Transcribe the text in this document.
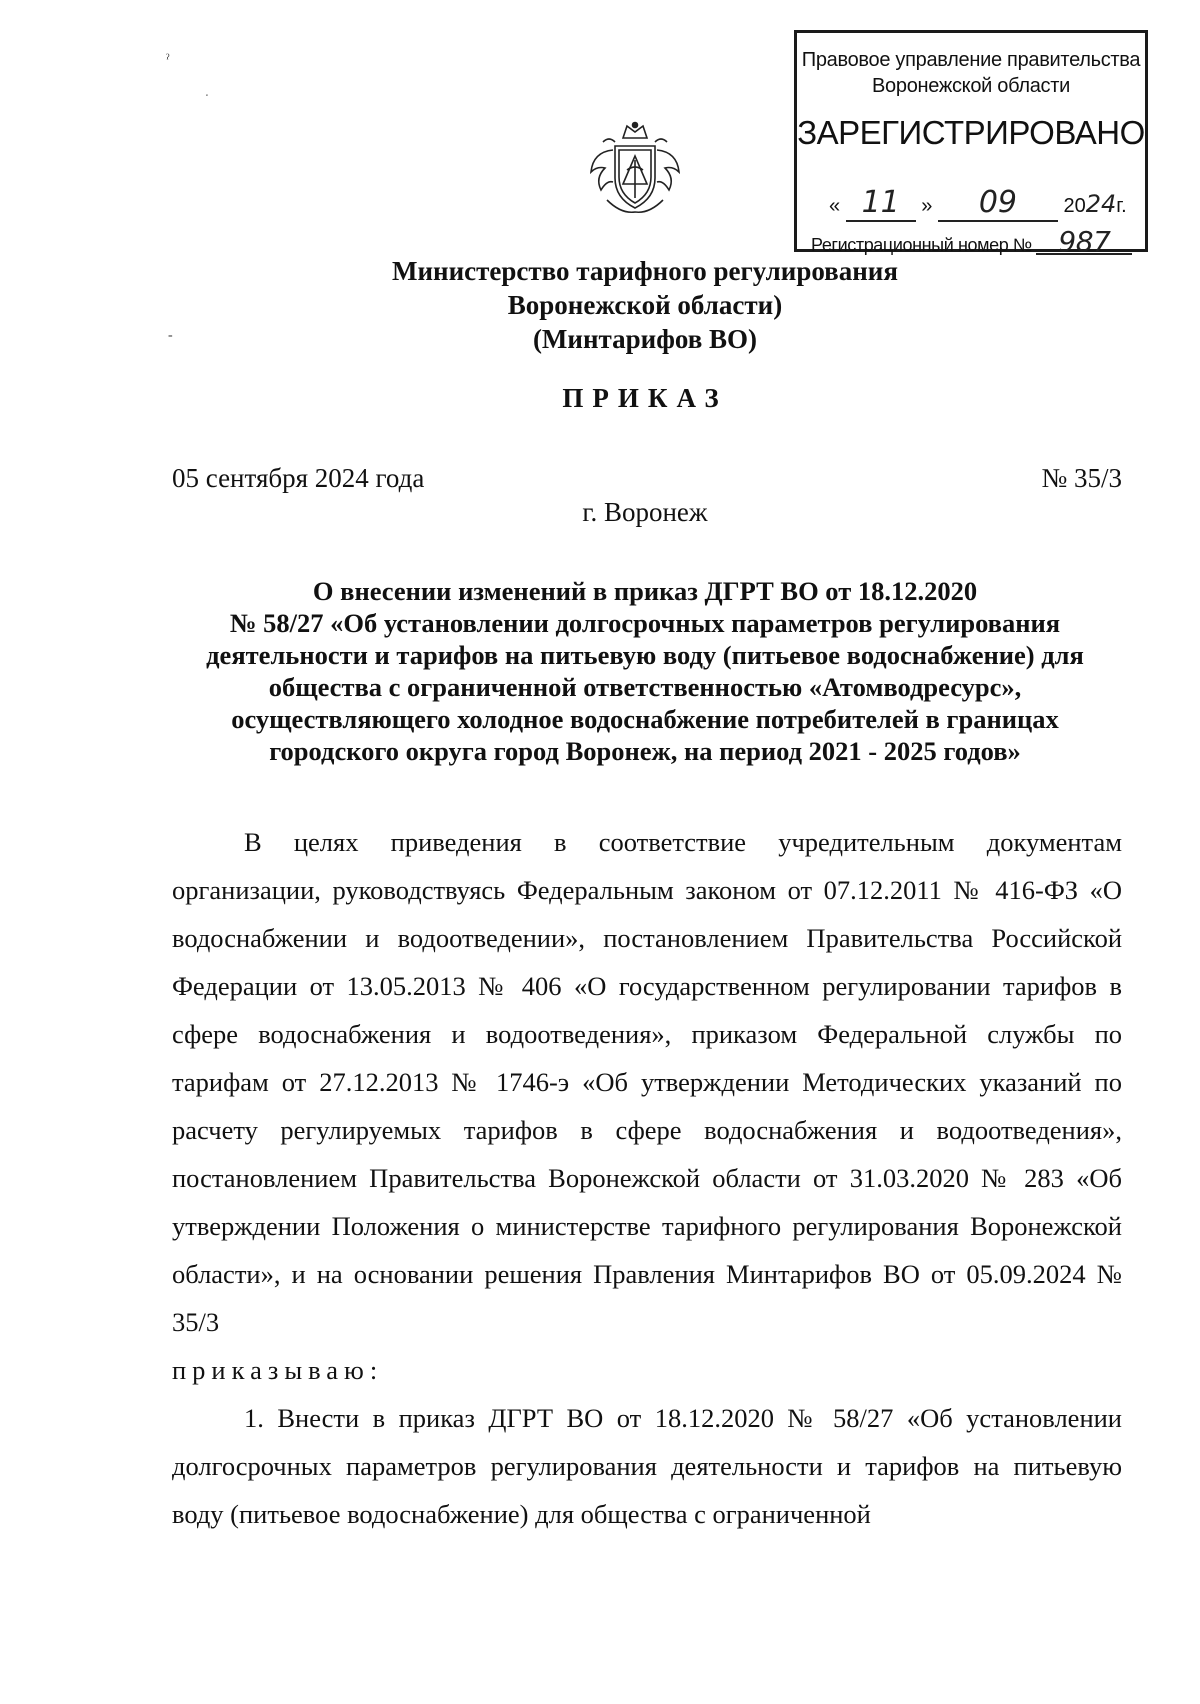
ˀ
ˑ
‐
Правовое управление правительства
Воронежской области
ЗАРЕГИСТРИРОВАНО
« 11 » 09 2024г.
Регистрационный номер № 987
Министерство тарифного регулирования
Воронежской области)
(Минтарифов ВО)
ПРИКАЗ
05 сентября 2024 года	№ 35/3
г. Воронеж
О внесении изменений в приказ ДГРТ ВО от 18.12.2020
№ 58/27 «Об установлении долгосрочных параметров регулирования
деятельности и тарифов на питьевую воду (питьевое водоснабжение) для
общества с ограниченной ответственностью «Атомводресурс»,
осуществляющего холодное водоснабжение потребителей в границах
городского округа город Воронеж, на период 2021 - 2025 годов»

В целях приведения в соответствие учредительным документам организации, руководствуясь Федеральным законом от 07.12.2011 № 416-ФЗ «О водоснабжении и водоотведении», постановлением Правительства Российской Федерации от 13.05.2013 № 406 «О государственном регулировании тарифов в сфере водоснабжения и водоотведения», приказом Федеральной службы по тарифам от 27.12.2013 № 1746-э «Об утверждении Методических указаний по расчету регулируемых тарифов в сфере водоснабжения и водоотведения», постановлением Правительства Воронежской области от 31.03.2020 № 283 «Об утверждении Положения о министерстве тарифного регулирования Воронежской области», и на основании решения Правления Минтарифов ВО от 05.09.2024 № 35/3

приказываю:

1. Внести в приказ ДГРТ ВО от 18.12.2020 № 58/27 «Об установлении долгосрочных параметров регулирования деятельности и тарифов на питьевую воду (питьевое водоснабжение) для общества с ограниченной
